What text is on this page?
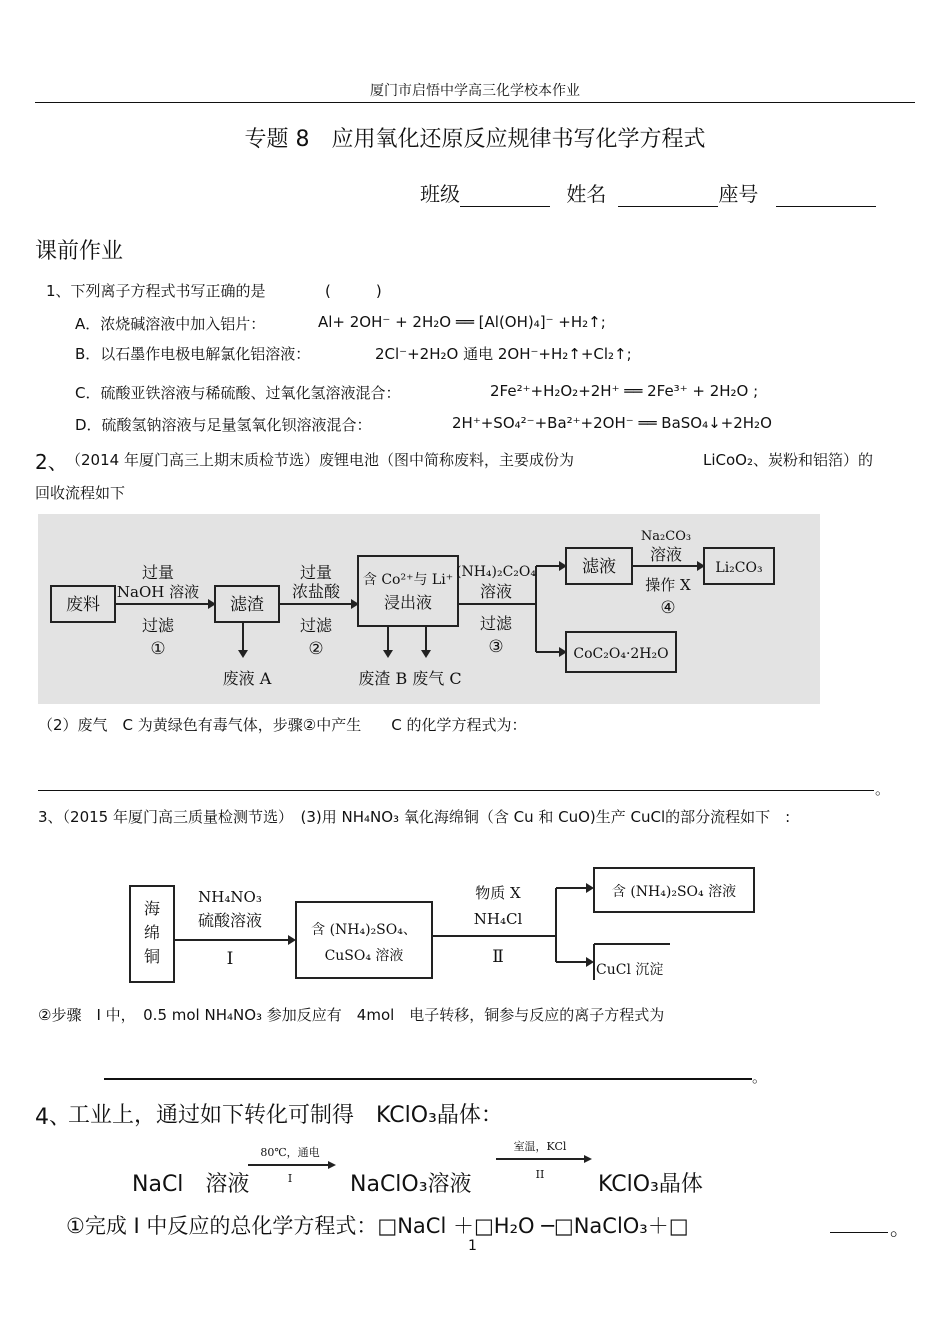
厦门市启悟中学高三化学校本作业
专题 8　应用氧化还原反应规律书写化学方程式
班级	姓名	座号
课前作业
1、下列离子方程式书写正确的是	(　　　)
A．浓烧碱溶液中加入铝片：	Al+ 2OH⁻ + 2H₂O ══ [Al(OH)₄]⁻ +H₂↑;
B．以石墨作电极电解氯化铝溶液：	2Cl⁻+2H₂O 通电 2OH⁻+H₂↑+Cl₂↑;
C．硫酸亚铁溶液与稀硫酸、过氧化氢溶液混合：	2Fe²⁺+H₂O₂+2H⁺ ══ 2Fe³⁺ + 2H₂O ;
D．硫酸氢钠溶液与足量氢氧化钡溶液混合：	2H⁺+SO₄²⁻+Ba²⁺+2OH⁻ ══ BaSO₄↓+2H₂O
2、
（2014 年厦门高三上期末质检节选）废锂电池（图中简称废料，主要成份为	LiCoO₂、炭粉和铝箔）的
回收流程如下
废料
过量
NaOH 溶液
过滤
①
滤渣
废液 A
过量
浓盐酸
过滤
②
含 Co²⁺与 Li⁺
浸出液
废渣 B 废气 C
(NH₄)₂C₂O₄
溶液
过滤
③
滤液
Na₂CO₃
溶液
操作 X
④
Li₂CO₃
CoC₂O₄·2H₂O
（2）废气　C 为黄绿色有毒气体，步骤②中产生　　C 的化学方程式为：
。
3、（2015 年厦门高三质量检测节选）　(3)用 NH₄NO₃ 氧化海绵铜（含 Cu 和 CuO)生产 CuCl的部分流程如下　:
海
绵
铜
NH₄NO₃
硫酸溶液
Ⅰ
含 (NH₄)₂SO₄、
CuSO₄ 溶液
物质 X
NH₄Cl
Ⅱ
含 (NH₄)₂SO₄ 溶液
CuCl 沉淀
②步骤　I 中，　0.5 mol NH₄NO₃ 参加反应有　4mol　电子转移，铜参与反应的离子方程式为
。
4、
工业上，通过如下转化可制得　KClO₃晶体：
NaCl　溶液
80℃，通电
I	NaClO₃溶液
室温，KCl
II KClO₃晶体
①完成 I 中反应的总化学方程式：□NaCl ＋□H₂O ─□NaClO₃＋□	。
1
